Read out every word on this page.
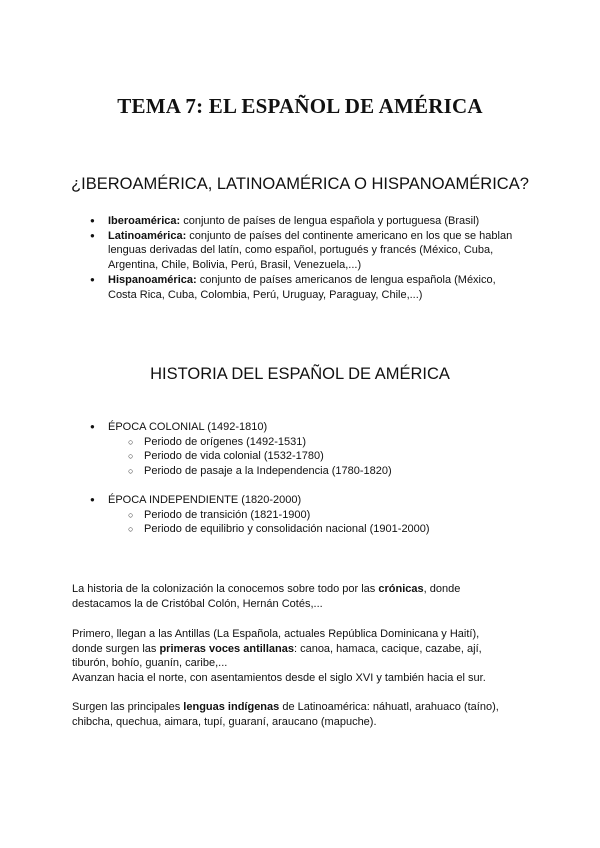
TEMA 7: EL ESPAÑOL DE AMÉRICA
¿IBEROAMÉRICA, LATINOAMÉRICA O HISPANOAMÉRICA?
● Iberoamérica: conjunto de países de lengua española y portuguesa (Brasil)
● Latinoamérica: conjunto de países del continente americano en los que se hablan lenguas derivadas del latín, como español, portugués y francés (México, Cuba, Argentina, Chile, Bolivia, Perú, Brasil, Venezuela,...)
● Hispanoamérica: conjunto de países americanos de lengua española (México, Costa Rica, Cuba, Colombia, Perú, Uruguay, Paraguay, Chile,...)
HISTORIA DEL ESPAÑOL DE AMÉRICA
● ÉPOCA COLONIAL (1492-1810)
○ Periodo de orígenes (1492-1531)
○ Periodo de vida colonial (1532-1780)
○ Periodo de pasaje a la Independencia (1780-1820)
● ÉPOCA INDEPENDIENTE (1820-2000)
○ Periodo de transición (1821-1900)
○ Periodo de equilibrio y consolidación nacional (1901-2000)

La historia de la colonización la conocemos sobre todo por las crónicas, donde destacamos la de Cristóbal Colón, Hernán Cotés,...

Primero, llegan a las Antillas (La Española, actuales República Dominicana y Haití), donde surgen las primeras voces antillanas: canoa, hamaca, cacique, cazabe, ají, tiburón, bohío, guanín, caribe,...
Avanzan hacia el norte, con asentamientos desde el siglo XVI y también hacia el sur.

Surgen las principales lenguas indígenas de Latinoamérica: náhuatl, arahuaco (taíno), chibcha, quechua, aimara, tupí, guaraní, araucano (mapuche).
